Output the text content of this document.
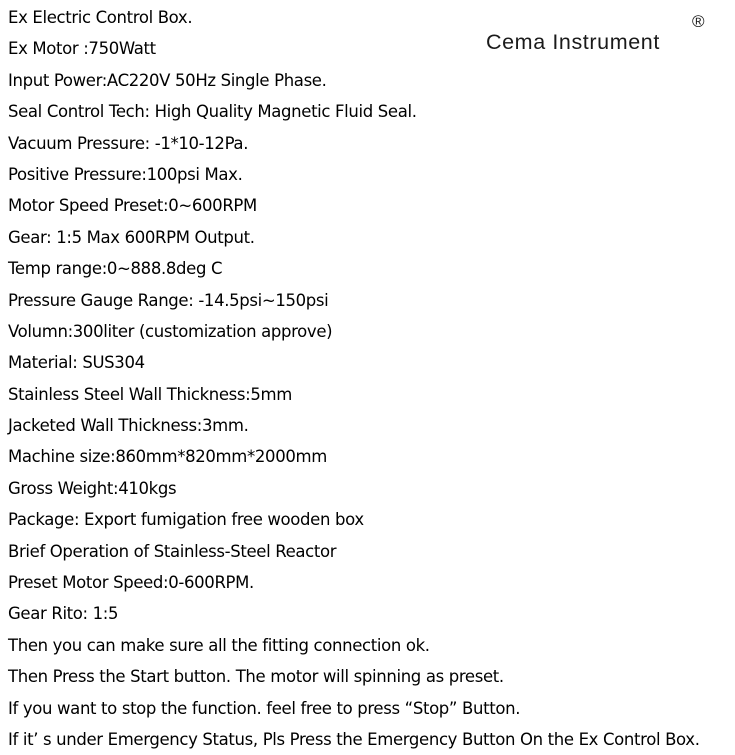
Ex Electric Control Box.
Ex Motor :750Watt
Input Power:AC220V 50Hz Single Phase.
Seal Control Tech: High Quality Magnetic Fluid Seal.
Vacuum Pressure: -1*10-12Pa.
Positive Pressure:100psi Max.
Motor Speed Preset:0~600RPM
Gear: 1:5 Max 600RPM Output.
Temp range:0~888.8deg C
Pressure Gauge Range: -14.5psi~150psi
Volumn:300liter (customization approve)
Material: SUS304
Stainless Steel Wall Thickness:5mm
Jacketed Wall Thickness:3mm.
Machine size:860mm*820mm*2000mm
Gross Weight:410kgs
Package: Export fumigation free wooden box
Brief Operation of Stainless-Steel Reactor
Preset Motor Speed:0-600RPM.
Gear Rito: 1:5
Then you can make sure all the fitting connection ok.
Then Press the Start button. The motor will spinning as preset.
If you want to stop the function. feel free to press “Stop” Button.
If it’ s under Emergency Status, Pls Press the Emergency Button On the Ex Control Box.
Cema Instrument
®
